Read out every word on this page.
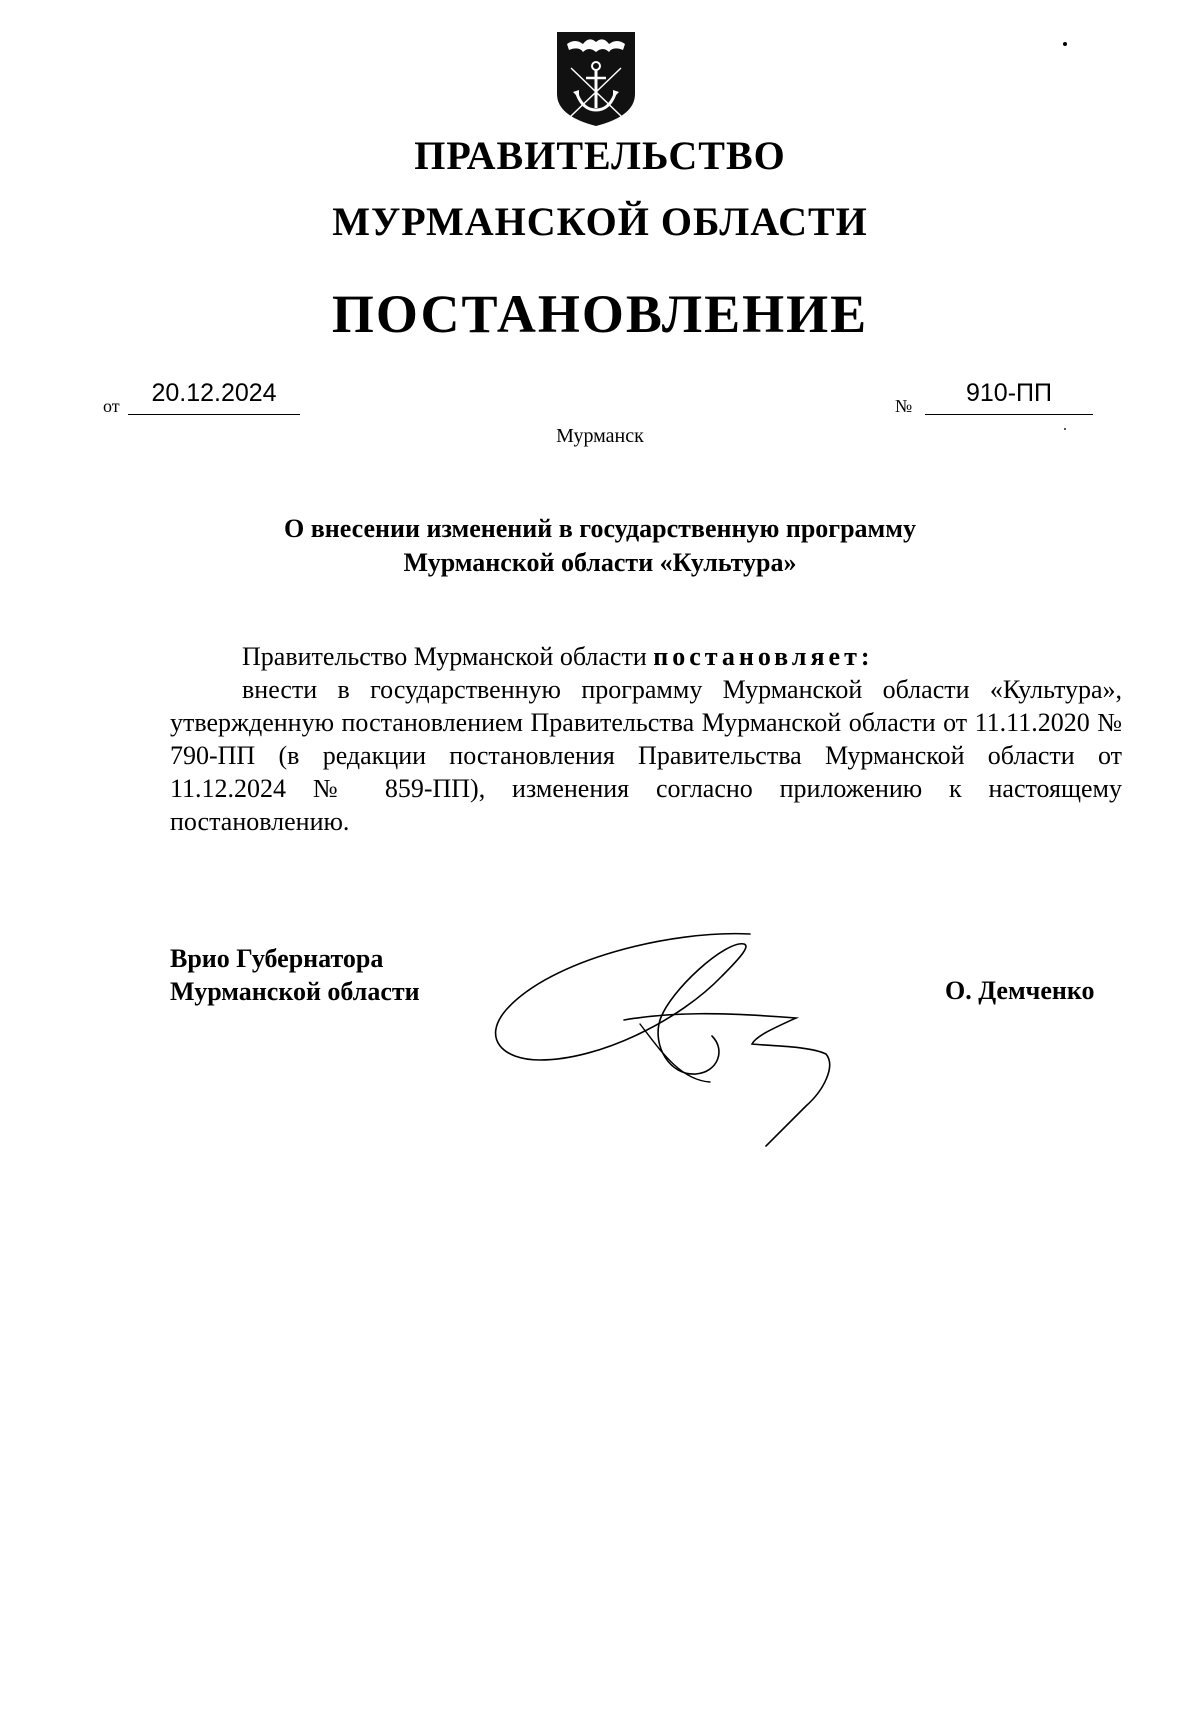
ПРАВИТЕЛЬСТВО
МУРМАНСКОЙ ОБЛАСТИ
ПОСТАНОВЛЕНИЕ
от	20.12.2024	№	910-ПП
Мурманск
О внесении изменений в государственную программу
Мурманской области «Культура»

Правительство Мурманской области постановляет:

внести в государственную программу Мурманской области «Культура», утвержденную постановлением Правительства Мурманской области от 11.11.2020 № 790-ПП (в редакции постановления Правительства Мурманской области от 11.12.2024 № 859-ПП), изменения согласно приложению к настоящему постановлению.

Врио Губернатора
Мурманской области	О. Демченко
